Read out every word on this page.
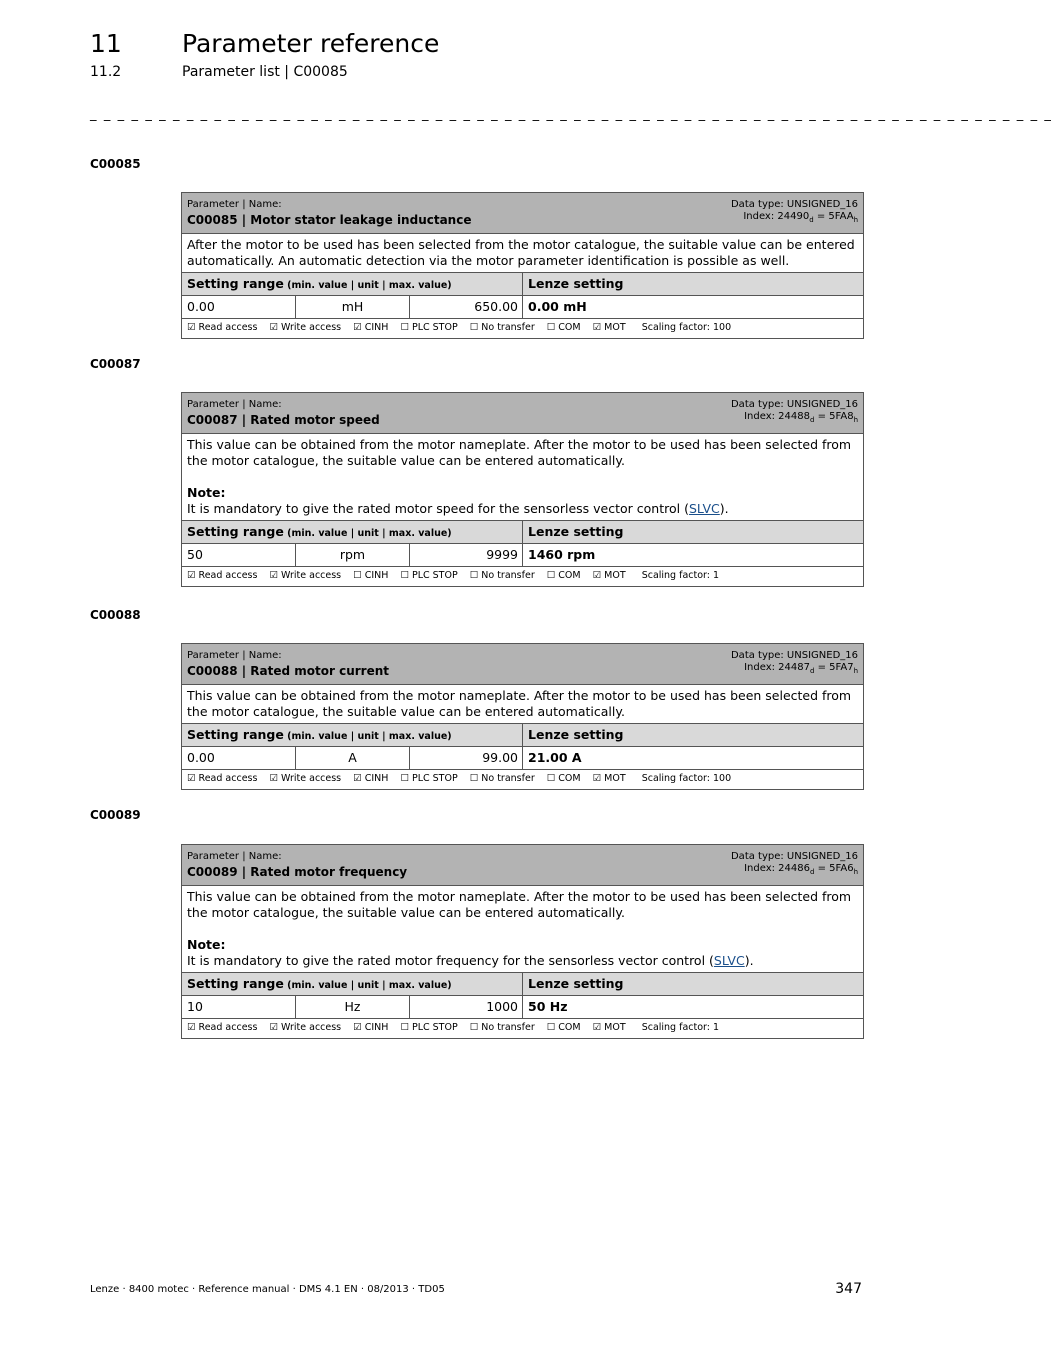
11 Parameter reference
11.2	Parameter list | C00085
_ _ _ _ _ _ _ _ _ _ _ _ _ _ _ _ _ _ _ _ _ _ _ _ _ _ _ _ _ _ _ _ _ _ _ _ _ _ _ _ _ _ _ _ _ _ _ _ _ _ _ _ _ _ _ _ _ _ _ _ _ _ _ _ _ _ _ _ _ _
C00085
Parameter | Name:
C00085 | Motor stator leakage inductance
Data type: UNSIGNED_16
Index: $24490_d = 5FAA_h$
After the motor to be used has been selected from the motor catalogue, the suitable value can be entered automatically. An automatic detection via the motor parameter identification is possible as well.
Setting range (min. value | unit | max. value)	Lenze setting
0.00	mH	650.00 0.00 mH
☑ Read access ☑ Write access ☑ CINH ☐ PLC STOP ☐ No transfer ☐ COM ☑ MOT Scaling factor: 100
C00087
Parameter | Name:
C00087 | Rated motor speed
Data type: UNSIGNED_16
Index: $24488_d = 5FA8_h$
This value can be obtained from the motor nameplate. After the motor to be used has been selected from the motor catalogue, the suitable value can be entered automatically.
Note:
It is mandatory to give the rated motor speed for the sensorless vector control (SLVC).
Setting range (min. value | unit | max. value)	Lenze setting
50	rpm	9999 1460 rpm
☑ Read access ☑ Write access ☐ CINH ☐ PLC STOP ☐ No transfer ☐ COM ☑ MOT Scaling factor: 1
C00088
Parameter | Name:
C00088 | Rated motor current
Data type: UNSIGNED_16
Index: $24487_d = 5FA7_h$
This value can be obtained from the motor nameplate. After the motor to be used has been selected from the motor catalogue, the suitable value can be entered automatically.
Setting range (min. value | unit | max. value)	Lenze setting
0.00	A	99.00 21.00 A
☑ Read access ☑ Write access ☑ CINH ☐ PLC STOP ☐ No transfer ☐ COM ☑ MOT Scaling factor: 100
C00089
Parameter | Name:
C00089 | Rated motor frequency
Data type: UNSIGNED_16
Index: $24486_d = 5FA6_h$
This value can be obtained from the motor nameplate. After the motor to be used has been selected from the motor catalogue, the suitable value can be entered automatically.
Note:
It is mandatory to give the rated motor frequency for the sensorless vector control (SLVC).
Setting range (min. value | unit | max. value)	Lenze setting
10	Hz	1000 50 Hz
☑ Read access ☑ Write access ☑ CINH ☐ PLC STOP ☐ No transfer ☐ COM ☑ MOT Scaling factor: 1
Lenze · 8400 motec · Reference manual · DMS 4.1 EN · 08/2013 · TD05	347
